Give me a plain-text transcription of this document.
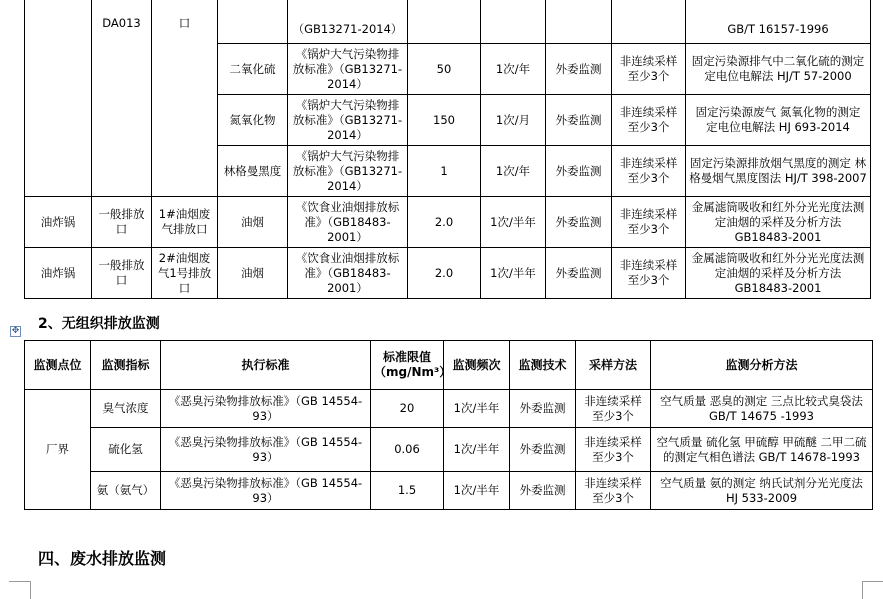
	DA013	口		（GB13271-2014）					GB/T 16157-1996
			二氧化硫	《锅炉大气污染物排放标准》（GB13271-2014）	50	1次/年	外委监测	非连续采样至少3个	固定污染源排气中二氧化硫的测定 定电位电解法 HJ/T 57-2000
			氮氧化物	《锅炉大气污染物排放标准》（GB13271-2014）	150	1次/月	外委监测	非连续采样至少3个	固定污染源废气 氮氧化物的测定 定电位电解法 HJ 693-2014
			林格曼黑度	《锅炉大气污染物排放标准》（GB13271-2014）	1	1次/年	外委监测	非连续采样至少3个	固定污染源排放烟气黑度的测定 林格曼烟气黑度图法 HJ/T 398-2007
油炸锅	一般排放口	1#油烟废气排放口	油烟	《饮食业油烟排放标准》（GB18483-2001）	2.0	1次/半年	外委监测	非连续采样至少3个	金属滤筒吸收和红外分光光度法测定油烟的采样及分析方法 GB18483-2001
油炸锅	一般排放口	2#油烟废气1号排放口	油烟	《饮食业油烟排放标准》（GB18483-2001）	2.0	1次/半年	外委监测	非连续采样至少3个	金属滤筒吸收和红外分光光度法测定油烟的采样及分析方法 GB18483-2001
✥ 2、无组织排放监测
监测点位	监测指标	执行标准	标准限值（mg/Nm³）	监测频次	监测技术	采样方法	监测分析方法
厂界	臭气浓度	《恶臭污染物排放标准》（GB 14554-93）	20	1次/半年	外委监测	非连续采样至少3个	空气质量 恶臭的测定 三点比较式臭袋法 GB/T 14675 -1993
	硫化氢	《恶臭污染物排放标准》（GB 14554-93）	0.06	1次/半年	外委监测	非连续采样至少3个	空气质量 硫化氢 甲硫醇 甲硫醚 二甲二硫的测定气相色谱法 GB/T 14678-1993
	氨（氨气）	《恶臭污染物排放标准》（GB 14554-93）	1.5	1次/半年	外委监测	非连续采样至少3个	空气质量 氨的测定 纳氏试剂分光光度法 HJ 533-2009
四、废水排放监测
